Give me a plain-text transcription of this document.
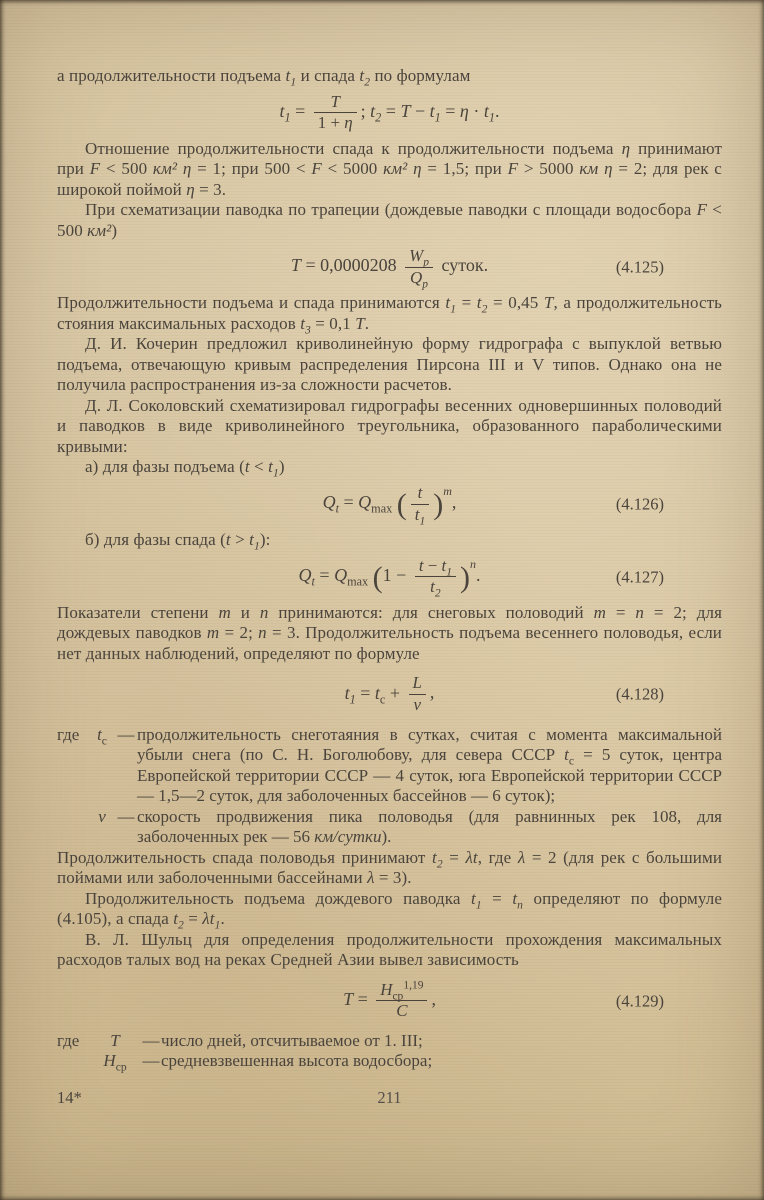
а продолжительности подъема $t_1$ и спада $t_2$ по формулам

$t_1 = \frac{T}{1 + \eta}$ ; $t_2 = T - t_1 = \eta \cdot t_1$.

Отношение продолжительности спада к продолжительности подъема η принимают при F < 500 км² η = 1; при 500 < F < 5000 км² η = 1,5; при F > 5000 км η = 2; для рек с широкой поймой η = 3.

При схематизации паводка по трапеции (дождевые паводки с площади водосбора F < 500 км²)

$T = 0,0000208 \frac{W_p}{Q_p}$ суток.	(4.125)

Продолжительности подъема и спада принимаются $t_1 = t_2 = 0,45$ T, а продолжительность стояния максимальных расходов $t_3 = 0,1$ T.

Д. И. Кочерин предложил криволинейную форму гидрографа с выпуклой ветвью подъема, отвечающую кривым распределения Пирсона III и V типов. Однако она не получила распространения из-за сложности расчетов.

Д. Л. Соколовский схематизировал гидрографы весенних одновершинных половодий и паводков в виде криволинейного треугольника, образованного параболическими кривыми:

а) для фазы подъема $(t < t_1)$

$Q_t = Q_{max}$ ( $\frac{t}{t_1} )^m$,	(4.126)

б) для фазы спада $(t > t_1)$:

$Q_t = Q_{max}$ $(1 - \frac{t - t_1}{t_2} )^n$.	(4.127)

Показатели степени m и n принимаются: для снеговых половодий m = n = 2; для дождевых паводков m = 2; n = 3. Продолжительность подъема весеннего половодья, если нет данных наблюдений, определяют по формуле

$t_1 = t_с + \frac{L}{v}$ ,	(4.128)
где	$t_с$ — продолжительность снеготаяния в сутках, считая с момента максимальной убыли снега (по С. Н. Боголюбову, для севера СССР $t_с = 5$ суток, центра Европейской территории СССР — 4 суток, юга Европейской территории СССР — 1,5—2 суток, для заболоченных бассейнов — 6 суток);
v — скорость продвижения пика половодья (для равнинных рек 108, для заболоченных рек — 56 км/сутки).

Продолжительность спада половодья принимают $t_2 = \lambda t$, где λ = 2 (для рек с большими поймами или заболоченными бассейнами λ = 3).

Продолжительность подъема дождевого паводка $t_1 = t_п$ определяют по формуле (4.105), а спада $t_2 = \lambda t_1$.

В. Л. Шульц для определения продолжительности прохождения максимальных расходов талых вод на реках Средней Азии вывел зависимость

$T = \frac{H_{ср}^{1,19}}{C}$ ,	(4.129)
где	T	— число дней, отсчитываемое от 1. III;
$H_{ср}$ — средневзвешенная высота водосбора;
14*	211
